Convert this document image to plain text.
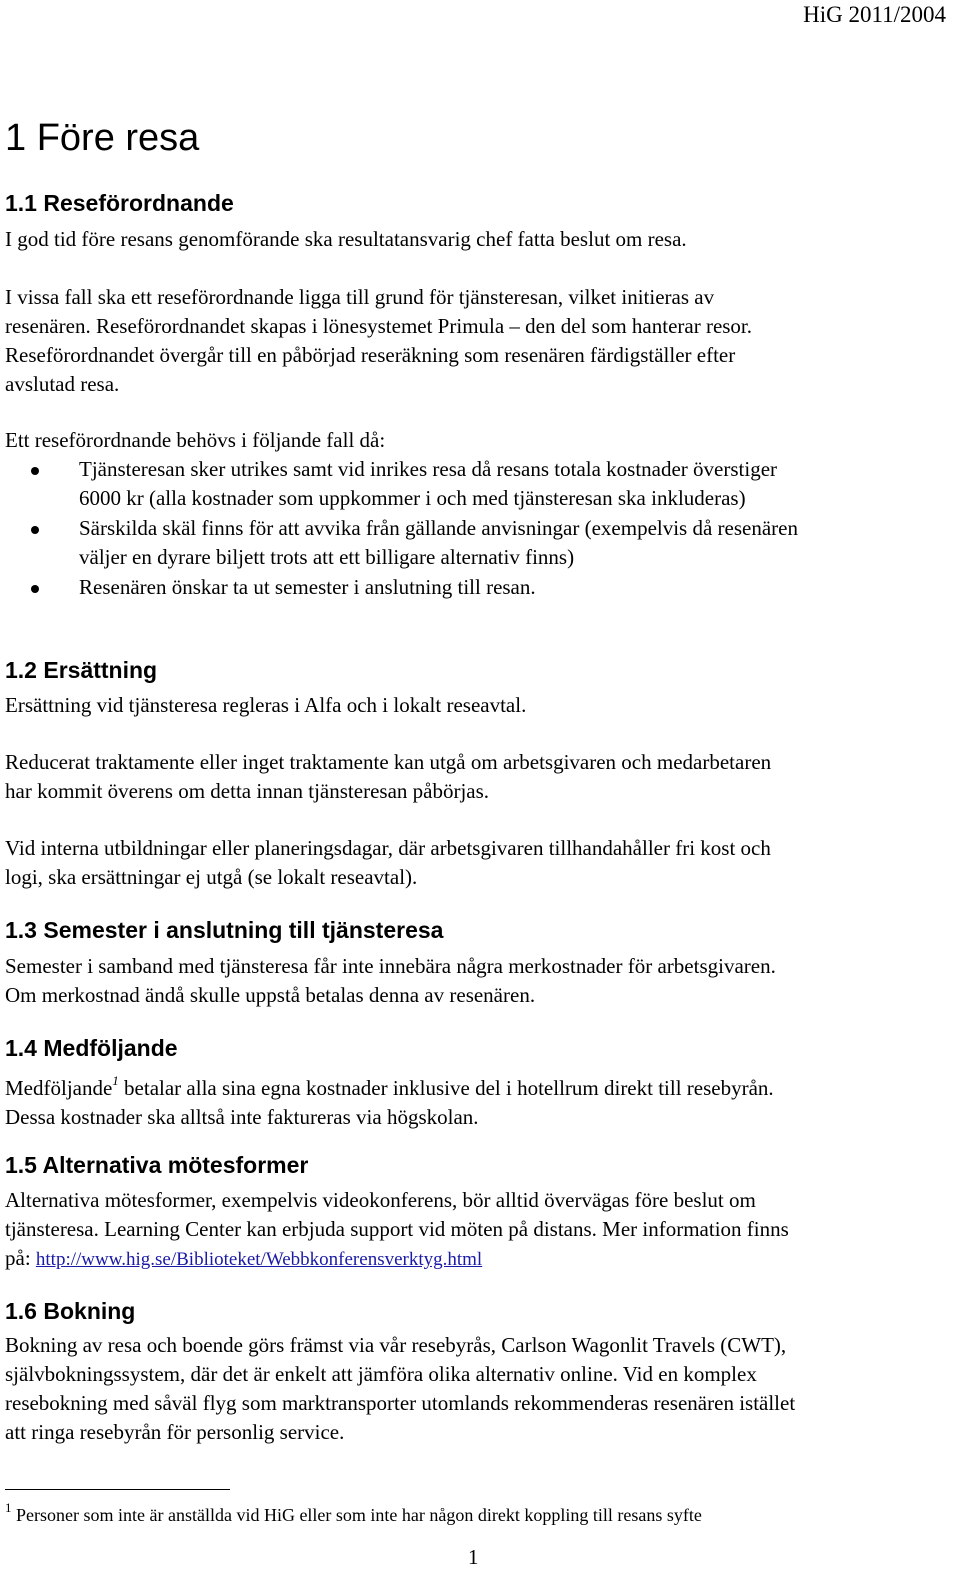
HiG 2011/2004
1 Före resa
1.1 Reseförordnande

I god tid före resans genomförande ska resultatansvarig chef fatta beslut om resa.

I vissa fall ska ett reseförordnande ligga till grund för tjänsteresan, vilket initieras av
resenären. Reseförordnandet skapas i lönesystemet Primula – den del som hanterar resor.
Reseförordnandet övergår till en påbörjad reseräkning som resenären färdigställer efter
avslutad resa.

Ett reseförordnande behövs i följande fall då:

Tjänsteresan sker utrikes samt vid inrikes resa då resans totala kostnader överstiger
6000 kr (alla kostnader som uppkommer i och med tjänsteresan ska inkluderas)
Särskilda skäl finns för att avvika från gällande anvisningar (exempelvis då resenären
väljer en dyrare biljett trots att ett billigare alternativ finns)
Resenären önskar ta ut semester i anslutning till resan.
1.2 Ersättning

Ersättning vid tjänsteresa regleras i Alfa och i lokalt reseavtal.

Reducerat traktamente eller inget traktamente kan utgå om arbetsgivaren och medarbetaren
har kommit överens om detta innan tjänsteresan påbörjas.
Vid interna utbildningar eller planeringsdagar, där arbetsgivaren tillhandahåller fri kost och
logi, ska ersättningar ej utgå (se lokalt reseavtal).
1.3 Semester i anslutning till tjänsteresa
Semester i samband med tjänsteresa får inte innebära några merkostnader för arbetsgivaren.
Om merkostnad ändå skulle uppstå betalas denna av resenären.
1.4 Medföljande
Medföljande$^1$ betalar alla sina egna kostnader inklusive del i hotellrum direkt till resebyrån.
Dessa kostnader ska alltså inte faktureras via högskolan.
1.5 Alternativa mötesformer
Alternativa mötesformer, exempelvis videokonferens, bör alltid övervägas före beslut om
tjänsteresa. Learning Center kan erbjuda support vid möten på distans. Mer information finns
på: http://www.hig.se/Biblioteket/Webbkonferensverktyg.html
1.6 Bokning
Bokning av resa och boende görs främst via vår resebyrås, Carlson Wagonlit Travels (CWT),
självbokningssystem, där det är enkelt att jämföra olika alternativ online. Vid en komplex
resebokning med såväl flyg som marktransporter utomlands rekommenderas resenären istället
att ringa resebyrån för personlig service.
$^1$ Personer som inte är anställda vid HiG eller som inte har någon direkt koppling till resans syfte
1
